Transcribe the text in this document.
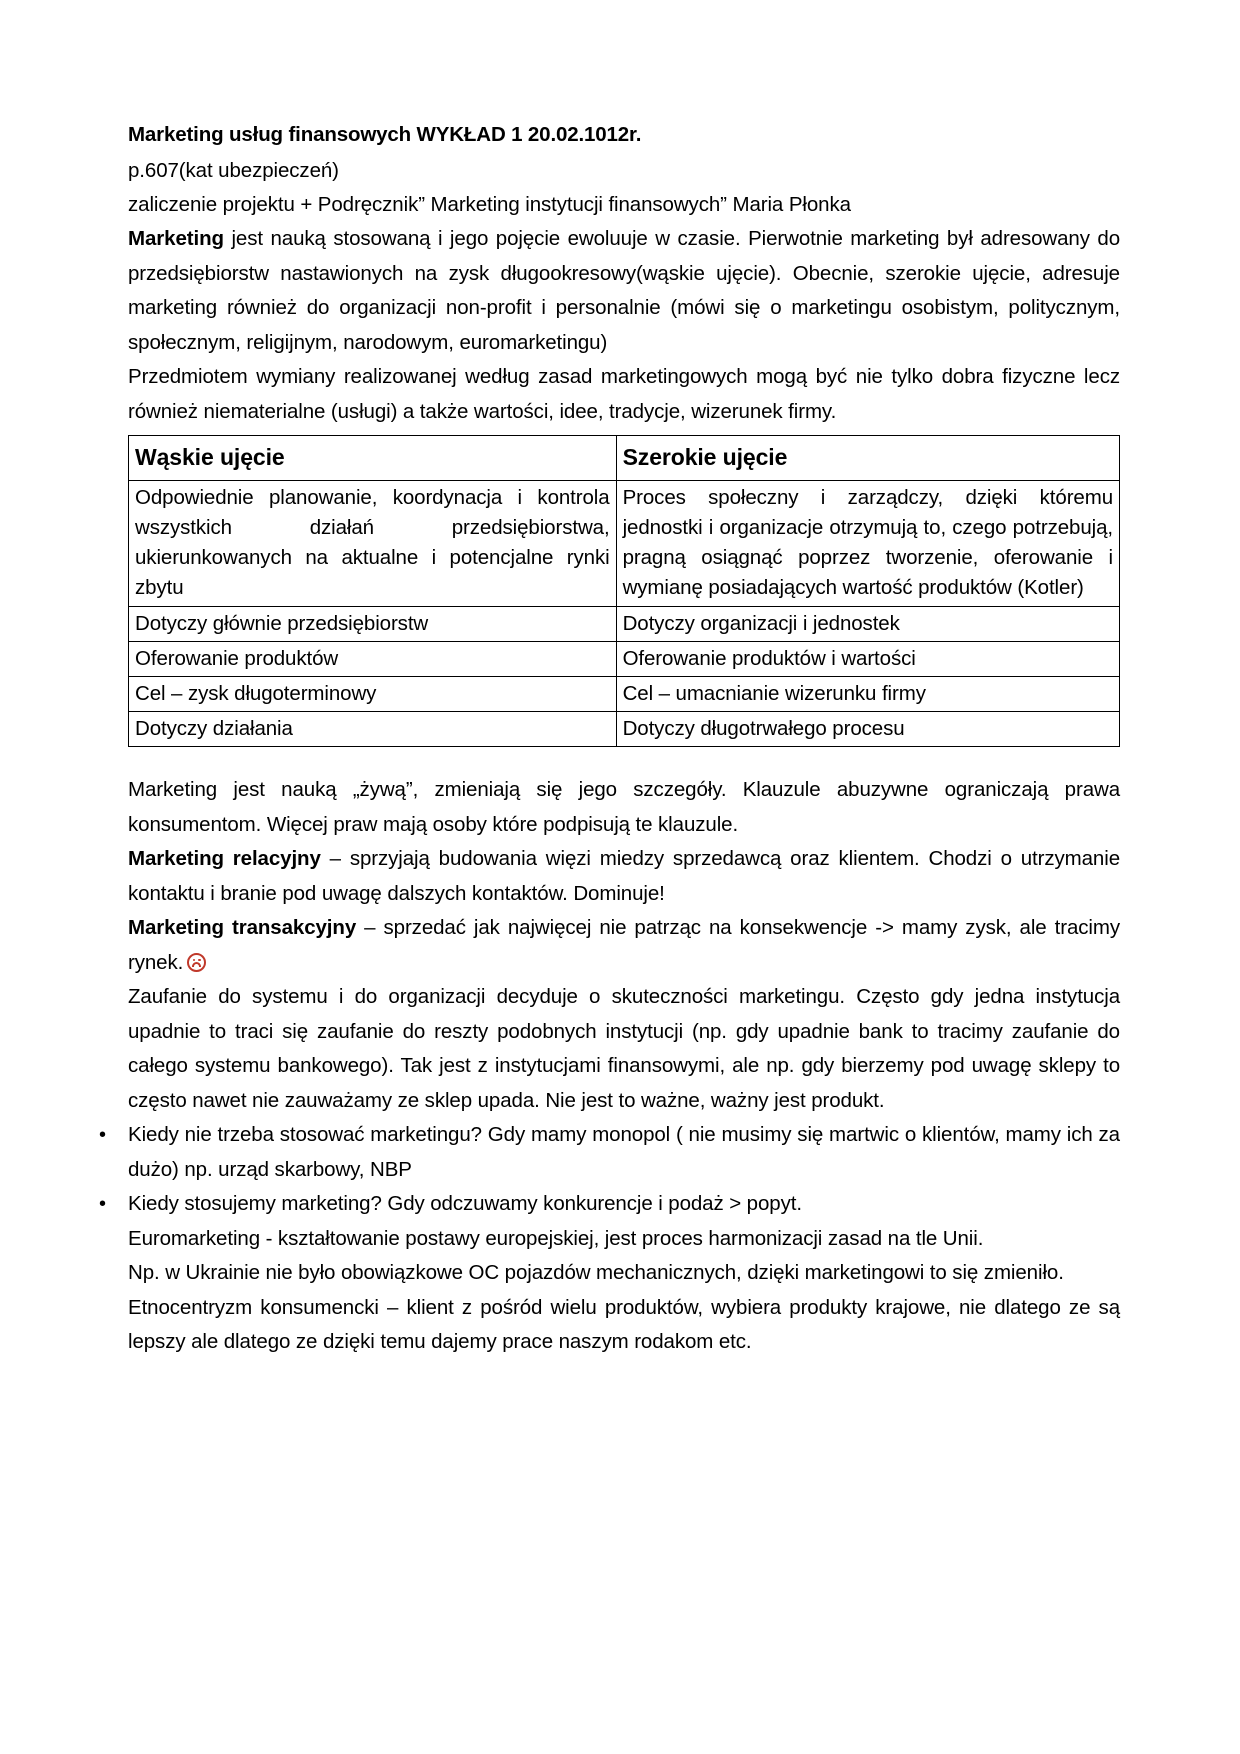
Marketing usług finansowych WYKŁAD 1 20.02.1012r.

p.607(kat ubezpieczeń)

zaliczenie projektu + Podręcznik” Marketing instytucji finansowych” Maria Płonka

Marketing jest nauką stosowaną i jego pojęcie ewoluuje w czasie. Pierwotnie marketing był adresowany do przedsiębiorstw nastawionych na zysk długookresowy(wąskie ujęcie). Obecnie, szerokie ujęcie, adresuje marketing również do organizacji non-profit i personalnie (mówi się o marketingu osobistym, politycznym, społecznym, religijnym, narodowym, euromarketingu)

Przedmiotem wymiany realizowanej według zasad marketingowych mogą być nie tylko dobra fizyczne lecz również niematerialne (usługi) a także wartości, idee, tradycje, wizerunek firmy.

Wąskie ujęcie	Szerokie ujęcie
Odpowiednie planowanie, koordynacja i kontrola wszystkich działań przedsiębiorstwa, ukierunkowanych na aktualne i potencjalne rynki zbytu	Proces społeczny i zarządczy, dzięki któremu jednostki i organizacje otrzymują to, czego potrzebują, pragną osiągnąć poprzez tworzenie, oferowanie i wymianę posiadających wartość produktów (Kotler)
Dotyczy głównie przedsiębiorstw	Dotyczy organizacji i jednostek
Oferowanie produktów	Oferowanie produktów i wartości
Cel – zysk długoterminowy	Cel – umacnianie wizerunku firmy
Dotyczy działania	Dotyczy długotrwałego procesu

Marketing jest nauką „żywą”, zmieniają się jego szczegóły. Klauzule abuzywne ograniczają prawa konsumentom. Więcej praw mają osoby które podpisują te klauzule.

Marketing relacyjny – sprzyjają budowania więzi miedzy sprzedawcą oraz klientem. Chodzi o utrzymanie kontaktu i branie pod uwagę dalszych kontaktów. Dominuje!

Marketing transakcyjny – sprzedać jak najwięcej nie patrząc na konsekwencje -> mamy zysk, ale tracimy rynek.

Zaufanie do systemu i do organizacji decyduje o skuteczności marketingu. Często gdy jedna instytucja upadnie to traci się zaufanie do reszty podobnych instytucji (np. gdy upadnie bank to tracimy zaufanie do całego systemu bankowego). Tak jest z instytucjami finansowymi, ale np. gdy bierzemy pod uwagę sklepy to często nawet nie zauważamy ze sklep upada. Nie jest to ważne, ważny jest produkt.

•	Kiedy nie trzeba stosować marketingu? Gdy mamy monopol ( nie musimy się martwic o klientów, mamy ich za dużo) np. urząd skarbowy, NBP
•	Kiedy stosujemy marketing? Gdy odczuwamy konkurencje i podaż > popyt.

Euromarketing - kształtowanie postawy europejskiej, jest proces harmonizacji zasad na tle Unii.

Np. w Ukrainie nie było obowiązkowe OC pojazdów mechanicznych, dzięki marketingowi to się zmieniło.

Etnocentryzm konsumencki – klient z pośród wielu produktów, wybiera produkty krajowe, nie dlatego ze są lepszy ale dlatego ze dzięki temu dajemy prace naszym rodakom etc.
